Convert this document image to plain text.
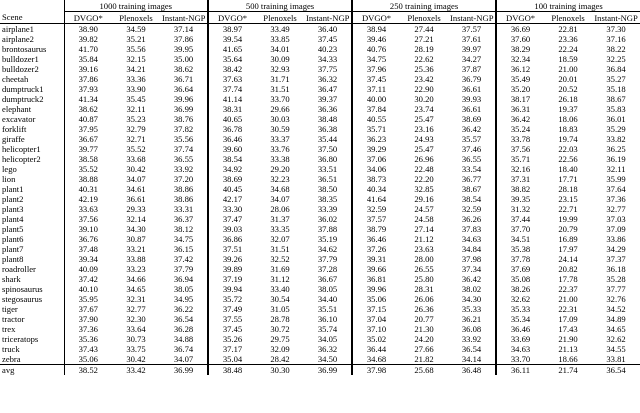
	1000 training images			500 training images			250 training images			100 training images		
Scene	DVGO*	Plenoxels	Instant-NGP	DVGO*	Plenoxels	Instant-NGP	DVGO*	Plenoxels	Instant-NGP	DVGO*	Plenoxels	Instant-NGP
airplane1	38.90	34.59	37.14	38.97	33.49	36.40	38.94	27.44	37.57	36.69	22.81	37.30
airplane2	39.82	35.21	37.86	39.54	33.85	37.45	39.46	27.21	37.61	37.60	23.36	37.16
brontosaurus	41.70	35.56	39.95	41.65	34.01	40.23	40.76	28.19	39.97	38.29	22.24	38.22
bulldozer1	35.84	32.15	35.00	35.64	30.09	34.33	34.75	22.62	34.27	32.34	18.59	32.25
bulldozer2	39.16	34.21	38.62	38.42	32.93	37.75	37.96	25.36	37.87	36.12	21.00	36.84
cheetah	37.86	33.36	36.71	37.63	31.71	36.32	37.45	23.42	36.79	35.49	20.01	35.27
dumptruck1	37.93	33.90	36.64	37.74	31.51	36.47	37.11	22.90	36.61	35.20	20.52	35.18
dumptruck2	41.34	35.45	39.96	41.14	33.70	39.37	40.00	30.20	39.93	38.17	26.18	38.67
elephant	38.62	32.11	36.99	38.31	29.66	36.36	37.84	23.74	36.61	36.31	19.37	35.83
excavator	40.87	35.23	38.76	40.65	30.03	38.48	40.55	25.47	38.69	36.42	18.06	36.01
forklift	37.95	32.79	37.82	36.78	30.59	36.38	35.71	23.16	36.42	35.24	18.83	35.29
giraffe	36.67	32.71	35.56	36.46	33.37	35.44	36.23	24.93	35.57	33.78	19.74	33.82
helicopter1	39.77	35.52	37.74	39.60	33.76	37.50	39.29	25.47	37.46	37.56	22.03	36.25
helicopter2	38.58	33.68	36.55	38.54	33.38	36.80	37.06	26.96	36.55	35.71	22.56	36.19
lego	35.52	30.42	33.92	34.92	29.20	33.51	34.06	22.48	33.54	32.16	18.40	32.11
lion	38.88	34.07	37.20	38.69	32.23	36.51	38.73	22.20	36.77	37.31	17.71	35.99
plant1	40.31	34.61	38.86	40.45	34.68	38.50	40.34	32.85	38.67	38.82	28.18	37.64
plant2	42.19	36.61	38.86	42.17	34.07	38.35	41.64	29.16	38.54	39.35	23.15	37.36
plant3	33.63	29.33	33.31	33.30	28.06	33.39	32.59	24.57	32.59	31.32	22.71	32.77
plant4	37.56	32.14	36.37	37.47	31.37	36.02	37.57	24.58	36.26	37.44	19.99	37.03
plant5	39.10	34.30	38.12	39.03	33.35	37.88	38.79	27.14	37.83	37.70	20.79	37.09
plant6	36.76	30.87	34.75	36.86	32.07	35.19	36.46	21.12	34.63	34.51	16.89	33.86
plant7	37.48	33.21	36.15	37.51	31.51	34.62	37.26	23.63	34.84	35.38	17.97	34.29
plant8	39.34	33.88	37.42	39.26	32.52	37.79	39.31	28.00	37.98	37.78	24.14	37.37
roadroller	40.09	33.23	37.79	39.89	31.69	37.28	39.66	26.55	37.34	37.69	20.82	36.18
shark	37.42	34.66	36.94	37.19	31.12	36.67	36.81	25.80	36.42	35.08	17.78	35.28
spinosaurus	40.10	34.65	38.05	39.94	33.40	38.05	39.96	28.31	38.02	38.26	22.37	37.77
stegosaurus	35.95	32.31	34.95	35.72	30.54	34.40	35.06	26.06	34.30	32.62	21.00	32.76
tiger	37.67	32.77	36.22	37.49	31.05	35.51	37.15	26.36	35.33	35.33	22.31	34.52
tractor	37.90	32.30	36.54	37.55	28.78	36.10	37.04	20.77	36.21	35.34	17.09	34.89
trex	37.36	33.64	36.28	37.45	30.72	35.74	37.10	21.30	36.08	36.46	17.43	34.65
triceratops	35.36	30.73	34.88	35.26	29.75	34.05	35.02	24.20	33.92	33.69	21.90	32.62
truck	37.43	33.75	36.74	37.17	32.09	36.32	36.44	27.66	36.54	34.63	21.13	34.55
zebra	35.06	30.42	34.07	35.04	28.42	34.50	34.68	21.82	34.14	33.70	18.66	33.81
avg	38.52	33.42	36.99	38.48	30.30	36.99	37.98	25.68	36.48	36.11	21.74	36.54
